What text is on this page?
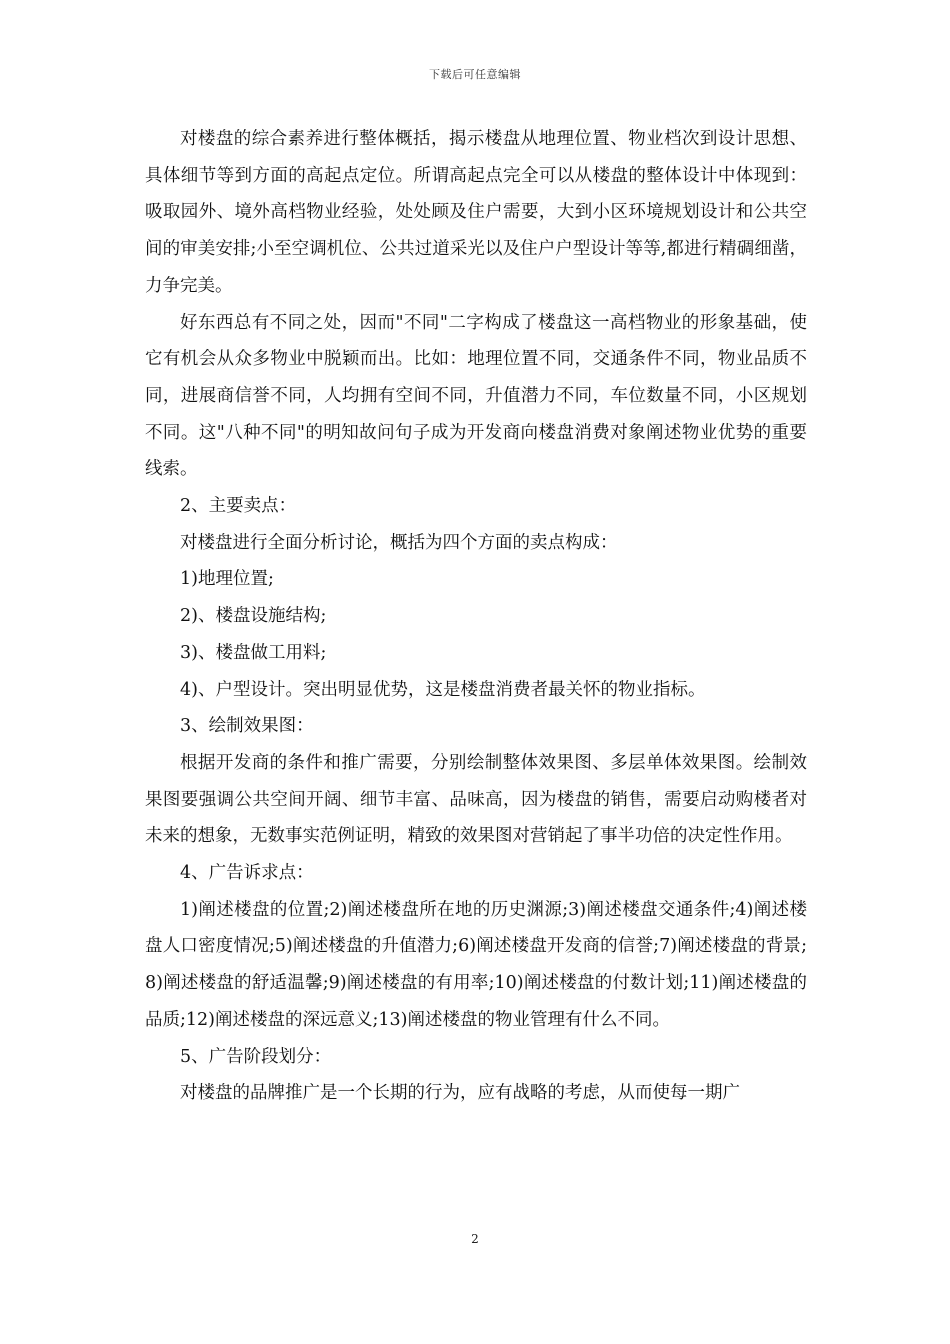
下载后可任意编辑

对楼盘的综合素养进行整体概括，揭示楼盘从地理位置、物业档次到设计思想、具体细节等到方面的高起点定位。所谓高起点完全可以从楼盘的整体设计中体现到：吸取园外、境外高档物业经验，处处顾及住户需要，大到小区环境规划设计和公共空间的审美安排;小至空调机位、公共过道采光以及住户户型设计等等,都进行精碉细凿，力争完美。

好东西总有不同之处，因而"不同"二字构成了楼盘这一高档物业的形象基础，使它有机会从众多物业中脱颖而出。比如：地理位置不同，交通条件不同，物业品质不同，进展商信誉不同，人均拥有空间不同，升值潜力不同，车位数量不同，小区规划不同。这"八种不同"的明知故问句子成为开发商向楼盘消费对象阐述物业优势的重要线索。

2、主要卖点：

对楼盘进行全面分析讨论，概括为四个方面的卖点构成：

1)地理位置;

2)、楼盘设施结构;

3)、楼盘做工用料;

4)、户型设计。突出明显优势，这是楼盘消费者最关怀的物业指标。

3、绘制效果图：

根据开发商的条件和推广需要，分别绘制整体效果图、多层单体效果图。绘制效果图要强调公共空间开阔、细节丰富、品味高，因为楼盘的销售，需要启动购楼者对未来的想象，无数事实范例证明，精致的效果图对营销起了事半功倍的决定性作用。

4、广告诉求点：

1)阐述楼盘的位置;2)阐述楼盘所在地的历史渊源;3)阐述楼盘交通条件;4)阐述楼盘人口密度情况;5)阐述楼盘的升值潜力;6)阐述楼盘开发商的信誉;7)阐述楼盘的背景;8)阐述楼盘的舒适温馨;9)阐述楼盘的有用率;10)阐述楼盘的付数计划;11)阐述楼盘的品质;12)阐述楼盘的深远意义;13)阐述楼盘的物业管理有什么不同。

5、广告阶段划分：

对楼盘的品牌推广是一个长期的行为，应有战略的考虑，从而使每一期广

2
